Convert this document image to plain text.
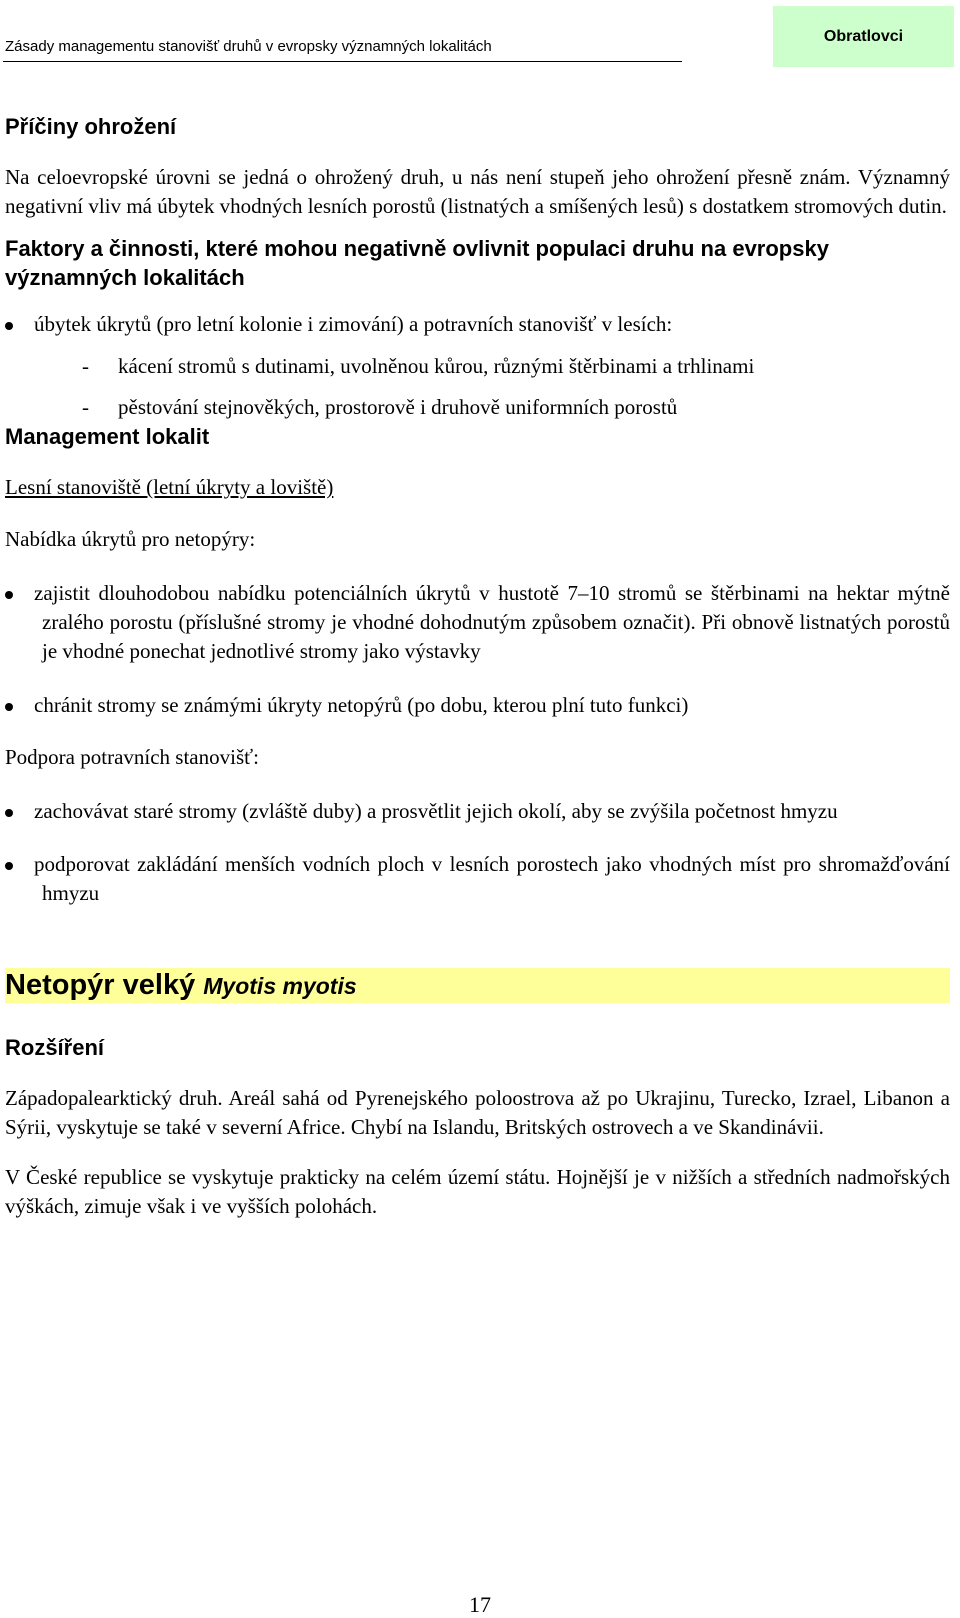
Zásady managementu stanovišť druhů v evropsky významných lokalitách
Obratlovci
Příčiny ohrožení
Na celoevropské úrovni se jedná o ohrožený druh, u nás není stupeň jeho ohrožení přesně znám. Významný negativní vliv má úbytek vhodných lesních porostů (listnatých a smíšených lesů) s dostatkem stromových dutin.
Faktory a činnosti, které mohou negativně ovlivnit populaci druhu na evropsky významných lokalitách
úbytek úkrytů (pro letní kolonie i zimování) a potravních stanovišť v lesích:
- kácení stromů s dutinami, uvolněnou kůrou, různými štěrbinami a trhlinami
- pěstování stejnověkých, prostorově i druhově uniformních porostů
Management lokalit
Lesní stanoviště (letní úkryty a loviště)
Nabídka úkrytů pro netopýry:
zajistit dlouhodobou nabídku potenciálních úkrytů v hustotě 7–10 stromů se štěrbinami na hektar mýtně zralého porostu (příslušné stromy je vhodné dohodnutým způsobem označit). Při obnově listnatých porostů je vhodné ponechat jednotlivé stromy jako výstavky
chránit stromy se známými úkryty netopýrů (po dobu, kterou plní tuto funkci)
Podpora potravních stanovišť:
zachovávat staré stromy (zvláště duby) a prosvětlit jejich okolí, aby se zvýšila početnost hmyzu
podporovat zakládání menších vodních ploch v lesních porostech jako vhodných míst pro shromažďování hmyzu
Netopýr velký Myotis myotis
Rozšíření
Západopalearktický druh. Areál sahá od Pyrenejského poloostrova až po Ukrajinu, Turecko, Izrael, Libanon a Sýrii, vyskytuje se také v severní Africe. Chybí na Islandu, Britských ostrovech a ve Skandinávii.
V České republice se vyskytuje prakticky na celém území státu. Hojnější je v nižších a středních nadmořských výškách, zimuje však i ve vyšších polohách.
17
